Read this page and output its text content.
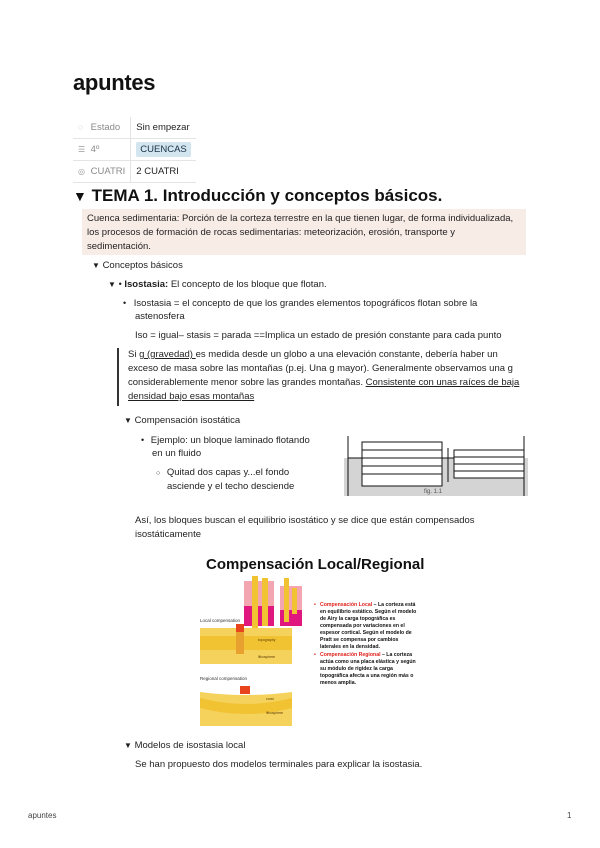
apuntes
◌ Estado	Sin empezar
☰ 4º	CUENCAS
◎ CUATRI	2 CUATRI
▼ TEMA 1. Introducción y conceptos básicos.
Cuenca sedimentaria: Porción de la corteza terrestre en la que tienen lugar, de forma individualizada,
los procesos de formación de rocas sedimentarias: meteorización, erosión, transporte y
sedimentación.
▼ Conceptos básicos
▼ • Isostasia: El concepto de los bloque que flotan.
• Isostasia = el concepto de que los grandes elementos topográficos flotan sobre la
astenosfera
Iso = igual– stasis = parada ==Implica un estado de presión constante para cada punto
Si g (gravedad) es medida desde un globo a una elevación constante, debería haber un
exceso de masa sobre las montañas (p.ej. Una g mayor). Generalmente observamos una g
considerablemente menor sobre las grandes montañas. Consistente con unas raíces de baja
densidad bajo esas montañas
▼ Compensación isostática
• Ejemplo: un bloque laminado flotando
en un fluido
○ Quitad dos capas y...el fondo
asciende y el techo desciende	fig. 1.1
Así, los bloques buscan el equilibrio isostático y se dice que están compensados
isostáticamente
Compensación Local/Regional
Local compensation
topography
lithosphere
Regional compensation
crust
lithosphere
• Compensación Local – La corteza está
en equilibrio estático. Según el modelo
de Airy la carga topográfica es
compensada por variaciones en el
espesor cortical. Según el modelo de
Pratt se compensa por cambios
laterales en la densidad.
• Compensación Regional – La corteza
actúa como una placa elástica y según
su módulo de rigidez la carga
topográfica afecta a una región más o
menos amplia.
▼ Modelos de isostasia local
Se han propuesto dos modelos terminales para explicar la isostasia.
apuntes	1
